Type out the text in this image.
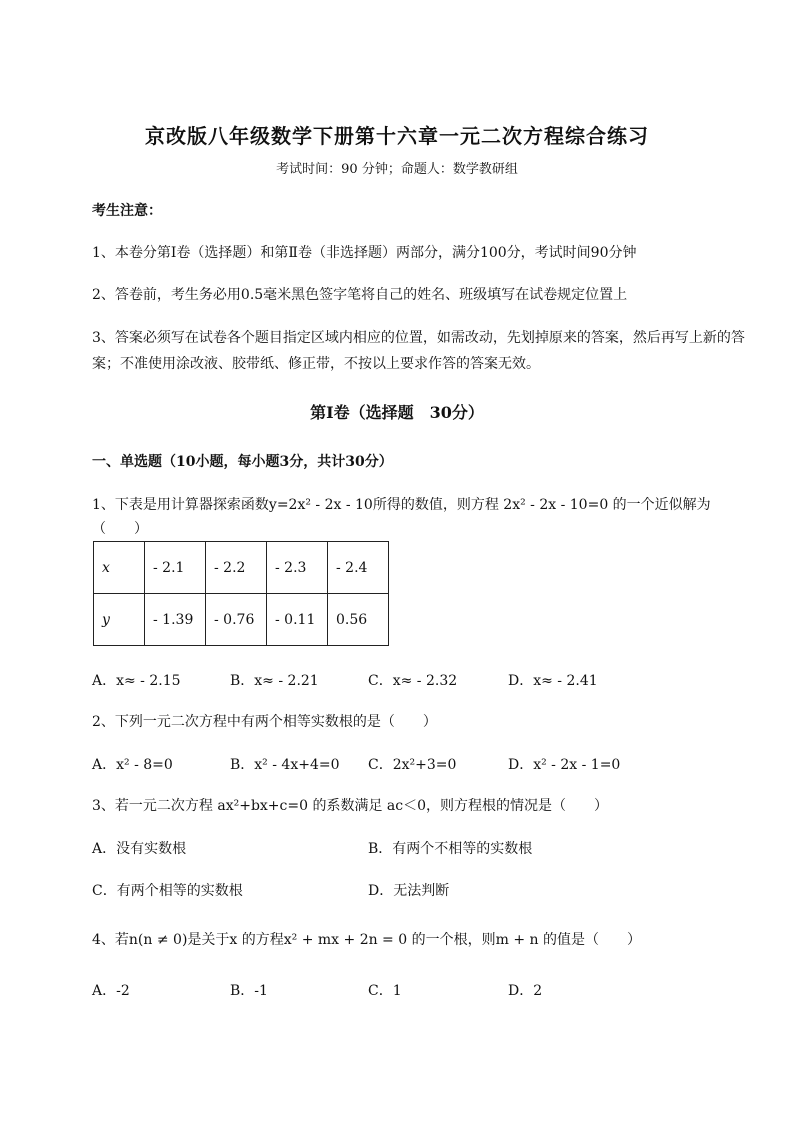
京改版八年级数学下册第十六章一元二次方程综合练习
考试时间：90 分钟；命题人：数学教研组
考生注意：
1、本卷分第I卷（选择题）和第Ⅱ卷（非选择题）两部分，满分100分，考试时间90分钟
2、答卷前，考生务必用0.5毫米黑色签字笔将自己的姓名、班级填写在试卷规定位置上
3、答案必须写在试卷各个题目指定区域内相应的位置，如需改动，先划掉原来的答案，然后再写上新的答案；不准使用涂改液、胶带纸、修正带，不按以上要求作答的答案无效。
第I卷（选择题　30分）
一、单选题（10小题，每小题3分，共计30分）
1、下表是用计算器探索函数y=2x² - 2x - 10所得的数值，则方程 2x² - 2x - 10=0 的一个近似解为
（　　）
x	- 2.1	- 2.2	- 2.3	- 2.4
y	- 1.39	- 0.76	- 0.11	0.56
A．x≈ - 2.15	B．x≈ - 2.21	C．x≈ - 2.32	D．x≈ - 2.41
2、下列一元二次方程中有两个相等实数根的是（　　）
A．x² - 8=0	B．x² - 4x+4=0 C．2x²+3=0	D．x² - 2x - 1=0
3、若一元二次方程 ax²+bx+c=0 的系数满足 ac＜0，则方程根的情况是（　　）
A．没有实数根	B．有两个不相等的实数根
C．有两个相等的实数根	D．无法判断
4、若n(n ≠ 0)是关于x 的方程x² + mx + 2n = 0 的一个根，则m + n 的值是（　　）
A．-2	B．-1	C．1	D．2
